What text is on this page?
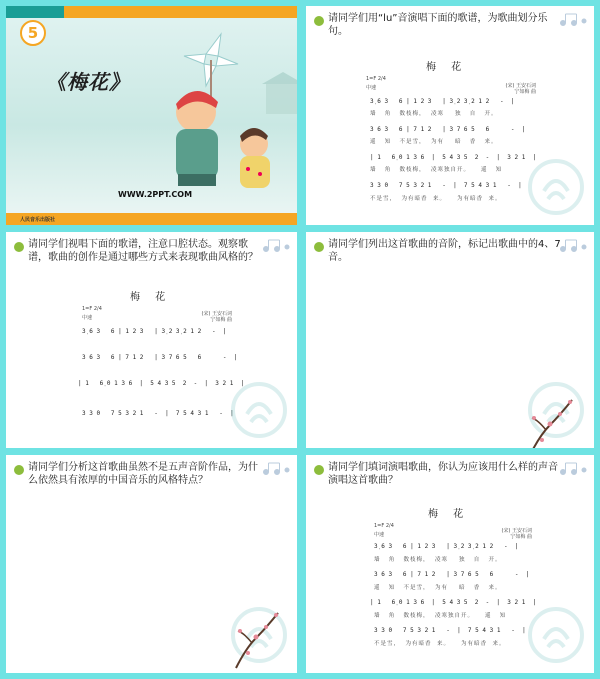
5
《梅花》
WWW.2PPT.COM
人民音乐出版社
请同学们用“lu”音演唱下面的歌谱，为歌曲划分乐句。
梅 花
1=F 2/4
中速	(宋) 王安石词
宁如梅 曲
3̣ 6 3   6 | 1 2 3   | 3̣ 2 3̣ 2 1 2   -  |
墙   角   数枝梅，  凌寒    独   自   开。
3 6 3   6 | 7 1 2   | 3 7 6 5   6      -  |
遥   知   不是雪，  为有    暗   香   来。
| 1   6̣ 0 1 3 6  |  5 4 3 5  2  -  |  3 2 1  |
墙   角   数枝梅，  凌寒独自开。    遥   知
3 3 0   7 5 3 2 1   -  |  7 5 4 3 1   -  |
不是雪，  为有暗香  来。    为有暗香  来。
请同学们视唱下面的歌谱，注意口腔状态。观察歌谱，歌曲的创作是通过哪些方式来表现歌曲风格的？
梅 花
1=F 2/4
中速
(宋) 王安石词
宁如梅 曲
3̣ 6 3   6 | 1 2 3   | 3̣ 2 3̣ 2 1 2   -  |
3 6 3   6 | 7 1 2   | 3 7 6 5   6      -  |
| 1   6̣ 0 1 3 6  |  5 4 3 5  2  -  |  3 2 1  |
3 3 0   7 5 3 2 1   -  |  7 5 4 3 1   -  |
请同学们列出这首歌曲的音阶，标记出歌曲中的4、7音。
请同学们分析这首歌曲虽然不是五声音阶作品，为什么依然具有浓厚的中国音乐的风格特点？
请同学们填词演唱歌曲，你认为应该用什么样的声音演唱这首歌曲？
梅 花
1=F 2/4
中速
(宋) 王安石词
宁如梅 曲
3̣ 6 3   6 | 1 2 3   | 3̣ 2 3̣ 2 1 2   -  |
墙   角   数枝梅，  凌寒    独   自   开。
3 6 3   6 | 7 1 2   | 3 7 6 5   6      -  |
遥   知   不是雪，  为有    暗   香   来。
| 1   6̣ 0 1 3 6  |  5 4 3 5  2  -  |  3 2 1  |
墙   角   数枝梅，  凌寒独自开。    遥   知
3 3 0   7 5 3 2 1   -  |  7 5 4 3 1   -  |
不是雪，  为有暗香  来。    为有暗香  来。
